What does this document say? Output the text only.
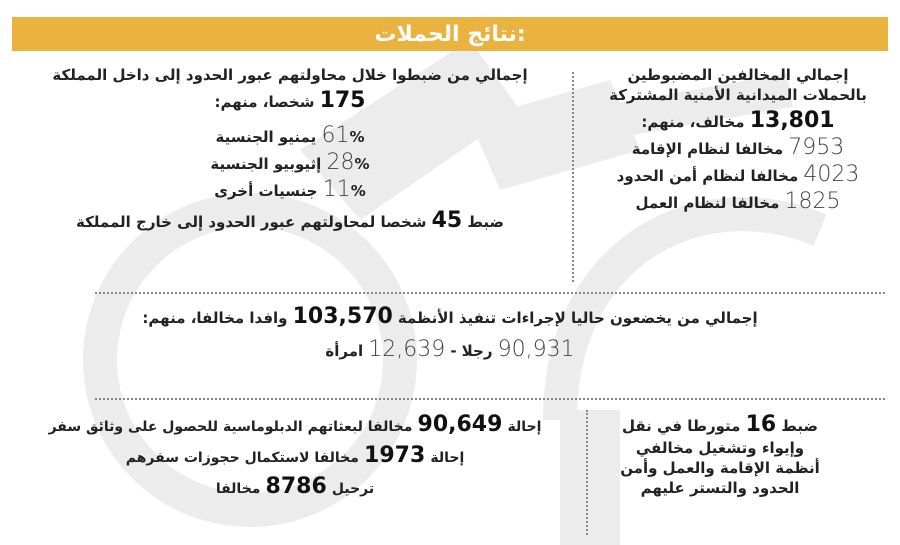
نتائج الحملات:
إجمالي المخالفين المضبوطين
بالحملات الميدانية الأمنية المشتركة
13,801 مخالف، منهم:
7953 مخالفا لنظام الإقامة
4023 مخالفا لنظام أمن الحدود
1825 مخالفا لنظام العمل
إجمالي من ضبطوا خلال محاولتهم عبور الحدود إلى داخل المملكة
175 شخصا، منهم:
61% يمنيو الجنسية
28% إثيوبيو الجنسية
11% جنسيات أخرى
ضبط 45 شخصا لمحاولتهم عبور الحدود إلى خارج المملكة
إجمالي من يخضعون حاليا لإجراءات تنفيذ الأنظمة 103,570 وافدا مخالفا، منهم:
90,931 رجلا - 12,639 امرأة
ضبط 16 متورطا في نقل
وإيواء وتشغيل مخالفي
أنظمة الإقامة والعمل وأمن
الحدود والتستر عليهم
إحالة 90,649 مخالفا لبعثاتهم الدبلوماسية للحصول على وثائق سفر
إحالة 1973 مخالفا لاستكمال حجوزات سفرهم
ترحيل 8786 مخالفا
